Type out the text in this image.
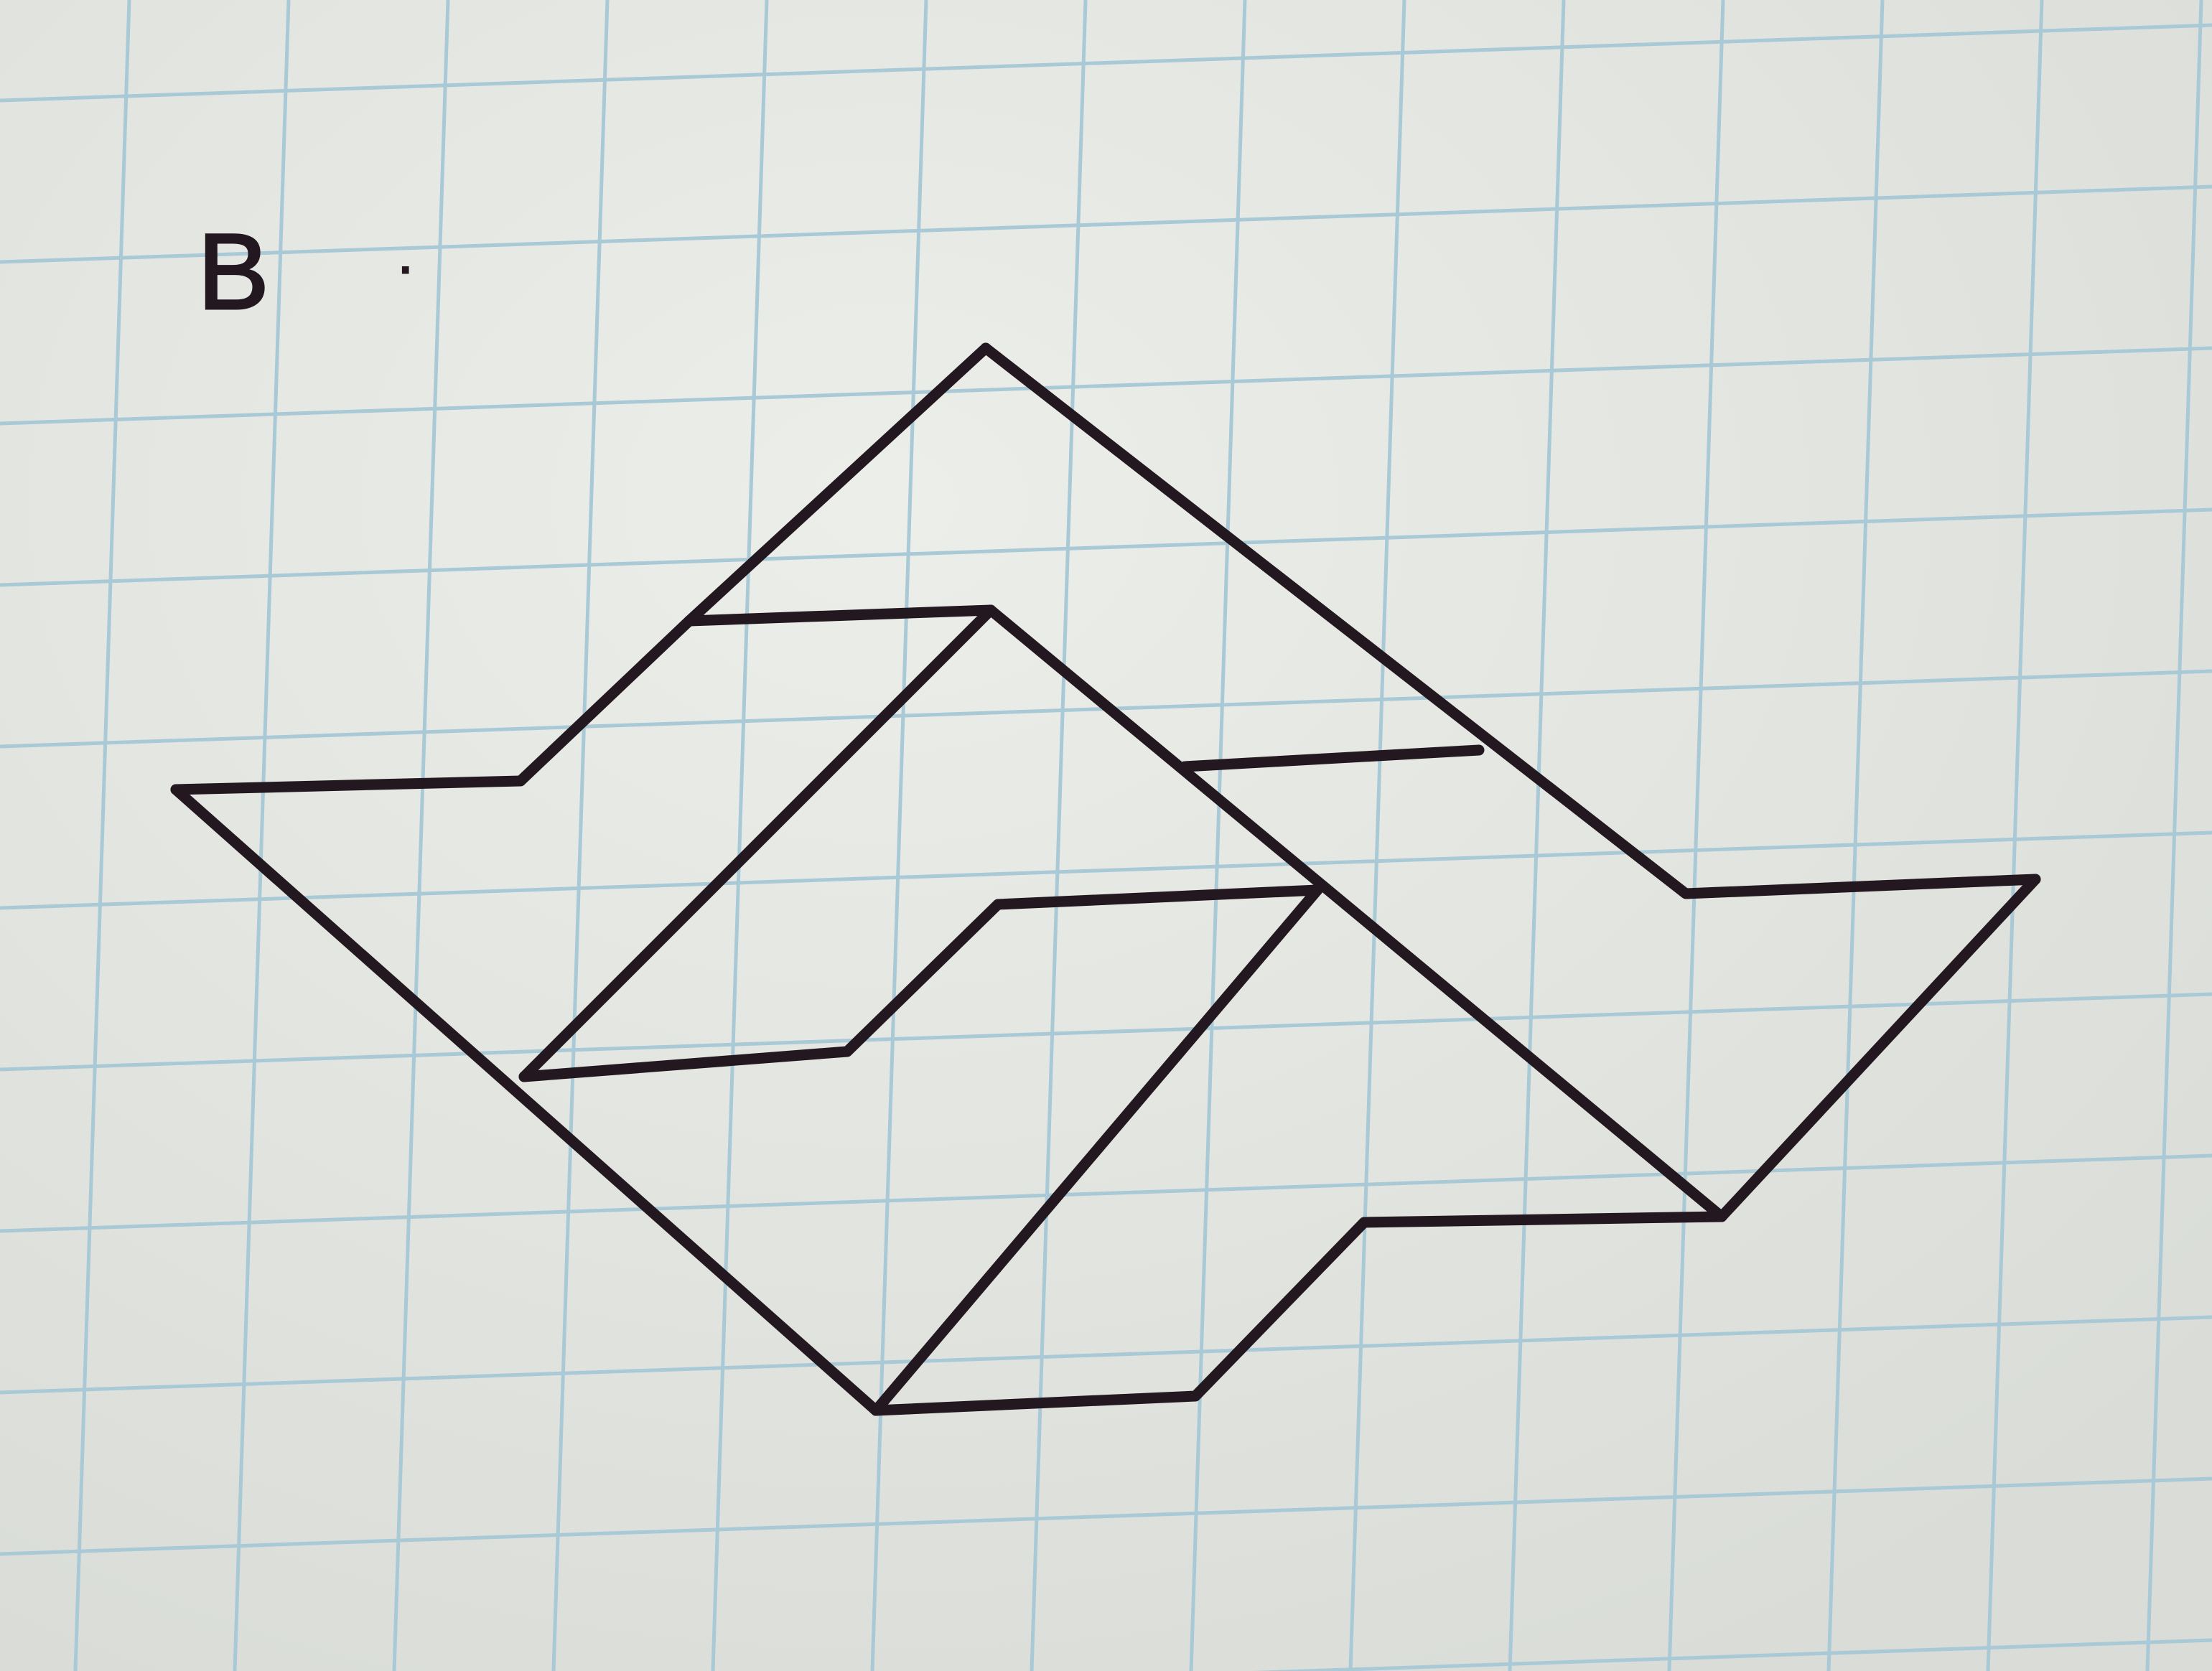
B	.
